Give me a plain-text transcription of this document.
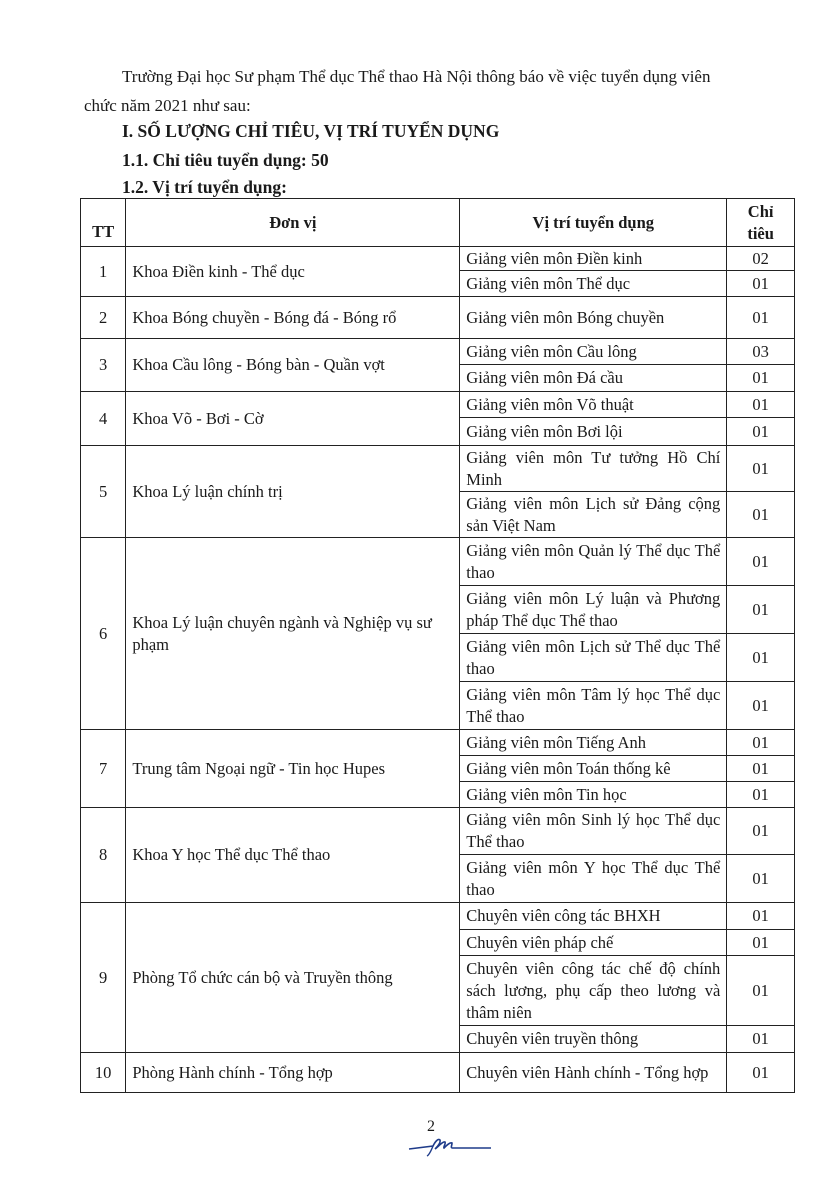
Trường Đại học Sư phạm Thể dục Thể thao Hà Nội thông báo về việc tuyển dụng viên
chức năm 2021 như sau:
I. SỐ LƯỢNG CHỈ TIÊU, VỊ TRÍ TUYỂN DỤNG
1.1. Chỉ tiêu tuyển dụng: 50
1.2. Vị trí tuyển dụng:
TT	Đơn vị	Vị trí tuyển dụng	Chỉ tiêu
1	Khoa Điền kinh - Thể dục	Giảng viên môn Điền kinh	02
		Giảng viên môn Thể dục	01
2	Khoa Bóng chuyền - Bóng đá - Bóng rổ	Giảng viên môn Bóng chuyền	01
3	Khoa Cầu lông - Bóng bàn - Quần vợt	Giảng viên môn Cầu lông	03
		Giảng viên môn Đá cầu	01
4	Khoa Võ - Bơi - Cờ	Giảng viên môn Võ thuật	01
		Giảng viên môn Bơi lội	01
5	Khoa Lý luận chính trị	Giảng viên môn Tư tưởng Hồ Chí Minh	01
		Giảng viên môn Lịch sử Đảng cộng sản Việt Nam	01
6	Khoa Lý luận chuyên ngành và Nghiệp vụ sư phạm	Giảng viên môn Quản lý Thể dục Thể thao	01
		Giảng viên môn Lý luận và Phương pháp Thể dục Thể thao	01
		Giảng viên môn Lịch sử Thể dục Thể thao	01
		Giảng viên môn Tâm lý học Thể dục Thể thao	01
7	Trung tâm Ngoại ngữ - Tin học Hupes	Giảng viên môn Tiếng Anh	01
		Giảng viên môn Toán thống kê	01
		Giảng viên môn Tin học	01
8	Khoa Y học Thể dục Thể thao	Giảng viên môn Sinh lý học Thể dục Thể thao	01
		Giảng viên môn Y học Thể dục Thể thao	01
9	Phòng Tổ chức cán bộ và Truyền thông	Chuyên viên công tác BHXH	01
		Chuyên viên pháp chế	01
		Chuyên viên công tác chế độ chính sách lương, phụ cấp theo lương và thâm niên	01
		Chuyên viên truyền thông	01
10	Phòng Hành chính - Tổng hợp	Chuyên viên Hành chính - Tổng hợp	01
2
